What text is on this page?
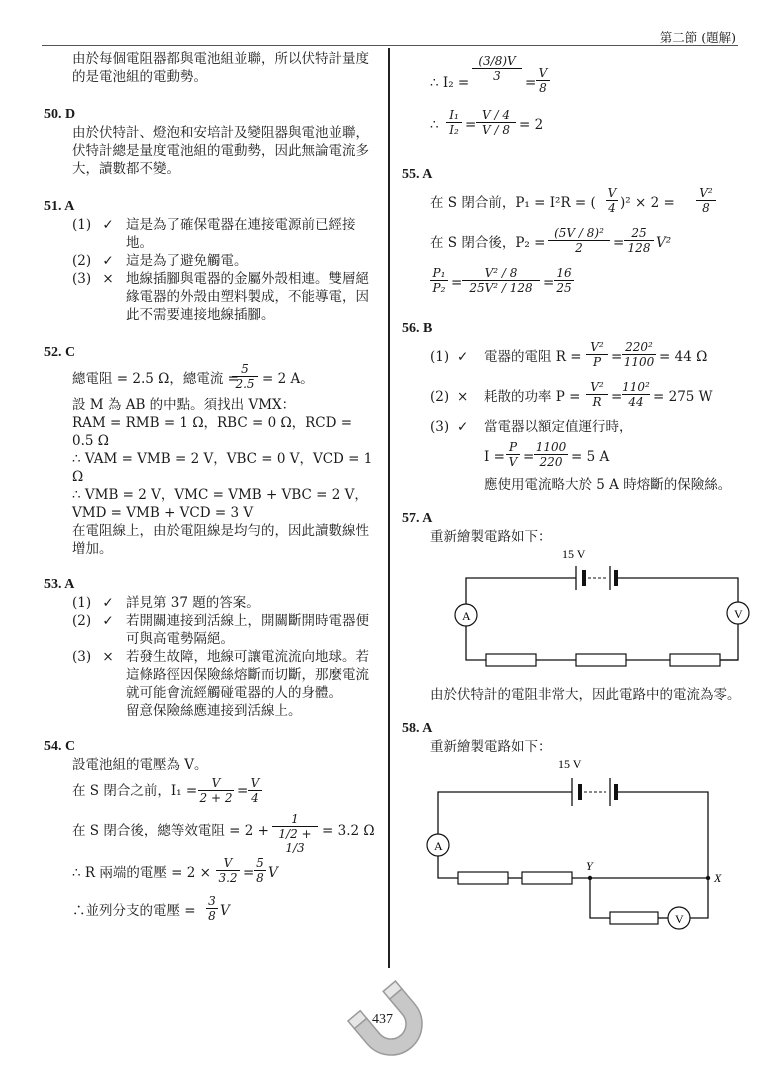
第二節 (題解)
由於每個電阻器都與電池組並聯，所以伏特計量度的是電池組的電動勢。
50. D
由於伏特計、燈泡和安培計及變阻器與電池並聯，伏特計總是量度電池組的電動勢，因此無論電流多大，讀數都不變。
51. A
(1) ✓ 這是為了確保電器在連接電源前已經接地。
(2) ✓ 這是為了避免觸電。
(3) × 地線插腳與電器的金屬外殼相連。雙層絕緣電器的外殼由塑料製成，不能導電，因此不需要連接地線插腳。
52. C
總電阻 = 2.5 Ω，總電流 =
$\frac{5}{2.5} = 2$ A。
設 M 為 AB 的中點。須找出 VMX：
RAM = RMB = 1 Ω，RBC = 0 Ω，RCD = 0.5 Ω
∴ VAM = VMB = 2 V，VBC = 0 V，VCD = 1 Ω
∴ VMB = 2 V，VMC = VMB + VBC = 2 V，
VMD = VMB + VCD = 3 V
在電阻線上，由於電阻線是均勻的，因此讀數線性增加。
53. A
(1) ✓ 詳見第 37 題的答案。
(2) ✓ 若開關連接到活線上，開關斷開時電器便可與高電勢隔絕。
(3) × 若發生故障，地線可讓電流流向地球。若這條路徑因保險絲熔斷而切斷，那麼電流就可能會流經觸碰電器的人的身體。
留意保險絲應連接到活線上。
54. C
設電池組的電壓為 V。
在 S 閉合之前，$I_1 = \frac{V}{2 + 2} = \frac{V}{4}$
在 S 閉合後，總等效電阻 = $2 + \frac{1}{1/2 + 1/3} = 3.2$ Ω
∴ R 兩端的電壓 = $2 \times \frac{V}{3.2} = \frac{5}{8}$ V
∴並列分支的電壓 = $\frac{3}{8}$ V
∴ $I_2 = \frac{(3/8)V}{3} = \frac{V}{8}$
∴ $\frac{\text{I₁}}{\text{I₂}} = \frac{V / 4}{V / 8} = 2$
55. A
在 S 閉合前，P₁ = I²R = ( $\frac{V}{4} )^2 \times 2 = \frac{\text{V²}}{8}$
在 S 閉合後，$P_2 = \frac{\text{(5V / 8)²}}{2} = \frac{25}{128} V^2$
$\frac{\text{P₁}}{\text{P₂}} = \frac{\text{V² / 8}}{\text{25V² / 128}} = \frac{16}{25}$
56. B
(1) ✓ 電器的電阻 $R = \frac{\text{V²}}{P} = \frac{\text{220²}}{1100} = 44$ Ω
(2) × 耗散的功率 $P = \frac{\text{V²}}{R} = \frac{\text{110²}}{44} = 275$ W
(3) ✓ 當電器以額定值運行時，
$I = \frac{P}{V} = \frac{1100}{220} = 5$ A
應使用電流略大於 5 A 時熔斷的保險絲。
57. A
重新繪製電路如下：
15 V
A	V
由於伏特計的電阻非常大，因此電路中的電流為零。
58. A
重新繪製電路如下：
15 V
A
V
Y
X
437
